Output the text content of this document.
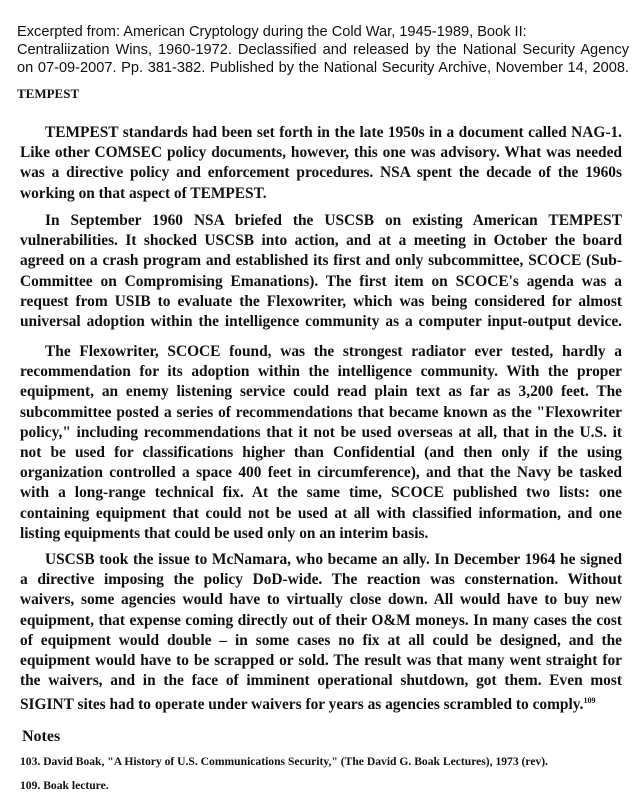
Excerpted from: American Cryptology during the Cold War, 1945-1989, Book II:
Centraliization Wins, 1960-1972. Declassified and released by the National Security Agency
on 07-09-2007. Pp. 381-382. Published by the National Security Archive, November 14, 2008.
TEMPEST
TEMPEST standards had been set forth in the late 1950s in a document called NAG-1.
Like other COMSEC policy documents, however, this one was advisory. What was needed
was a directive policy and enforcement procedures. NSA spent the decade of the 1960s
working on that aspect of TEMPEST.
In September 1960 NSA briefed the USCSB on existing American TEMPEST
vulnerabilities. It shocked USCSB into action, and at a meeting in October the board
agreed on a crash program and established its first and only subcommittee, SCOCE (Sub-
Committee on Compromising Emanations). The first item on SCOCE's agenda was a
request from USIB to evaluate the Flexowriter, which was being considered for almost
universal adoption within the intelligence community as a computer input-output device.
The Flexowriter, SCOCE found, was the strongest radiator ever tested, hardly a
recommendation for its adoption within the intelligence community. With the proper
equipment, an enemy listening service could read plain text as far as 3,200 feet. The
subcommittee posted a series of recommendations that became known as the "Flexowriter
policy," including recommendations that it not be used overseas at all, that in the U.S. it
not be used for classifications higher than Confidential (and then only if the using
organization controlled a space 400 feet in circumference), and that the Navy be tasked
with a long-range technical fix. At the same time, SCOCE published two lists: one
containing equipment that could not be used at all with classified information, and one
listing equipments that could be used only on an interim basis.
USCSB took the issue to McNamara, who became an ally. In December 1964 he signed
a directive imposing the policy DoD-wide. The reaction was consternation. Without
waivers, some agencies would have to virtually close down. All would have to buy new
equipment, that expense coming directly out of their O&M moneys. In many cases the cost
of equipment would double – in some cases no fix at all could be designed, and the
equipment would have to be scrapped or sold. The result was that many went straight for
the waivers, and in the face of imminent operational shutdown, got them. Even most
SIGINT sites had to operate under waivers for years as agencies scrambled to comply.$^{109}$
Notes
103. David Boak, "A History of U.S. Communications Security," (The David G. Boak Lectures), 1973 (rev).
109. Boak lecture.
